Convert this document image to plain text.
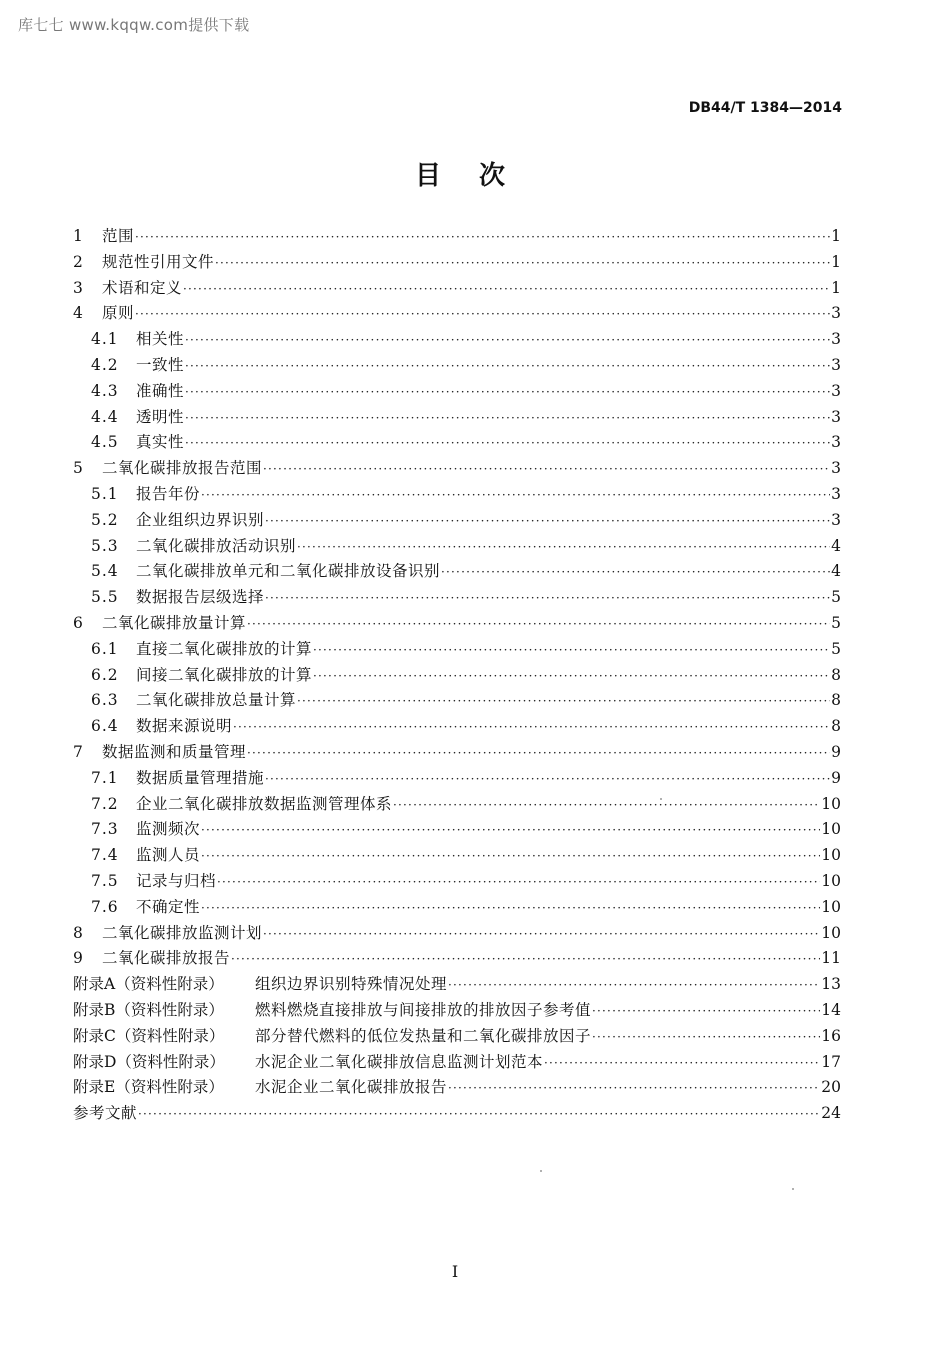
库七七 www.kqqw.com提供下载
DB44/T 1384—2014
目次
1	范围 ·····	1
2	规范性引用文件 ·····	1
3	术语和定义 ·····	1
4	原则 ·····	3
4.1	相关性 ·····	3
4.2	一致性 ·····	3
4.3	准确性 ·····	3
4.4	透明性 ·····	3
4.5	真实性 ·····	3
5	二氧化碳排放报告范围 ·····	3
5.1	报告年份 ·····	3
5.2	企业组织边界识别 ·····	3
5.3	二氧化碳排放活动识别 ·····	4
5.4	二氧化碳排放单元和二氧化碳排放设备识别 ·····	4
5.5	数据报告层级选择 ·····	5
6	二氧化碳排放量计算 ·····	5
6.1	直接二氧化碳排放的计算 ·····	5
6.2	间接二氧化碳排放的计算 ·····	8
6.3	二氧化碳排放总量计算 ·····	8
6.4	数据来源说明 ·····	8
7	数据监测和质量管理 ·····	9
7.1	数据质量管理措施 ·····	9
7.2	企业二氧化碳排放数据监测管理体系 ·····	10
7.3	监测频次 ·····	10
7.4	监测人员 ·····	10
7.5	记录与归档 ·····	10
7.6	不确定性 ·····	10
8	二氧化碳排放监测计划 ·····	10
9	二氧化碳排放报告 ·····	11
附录A（资料性附录）	组织边界识别特殊情况处理 ·····	13
附录B（资料性附录）	燃料燃烧直接排放与间接排放的排放因子参考值 ·····	14
附录C（资料性附录）	部分替代燃料的低位发热量和二氧化碳排放因子 ·····	16
附录D（资料性附录）	水泥企业二氧化碳排放信息监测计划范本 ·····	17
附录E（资料性附录）	水泥企业二氧化碳排放报告 ·····	20
参考文献 ·····	24
I
